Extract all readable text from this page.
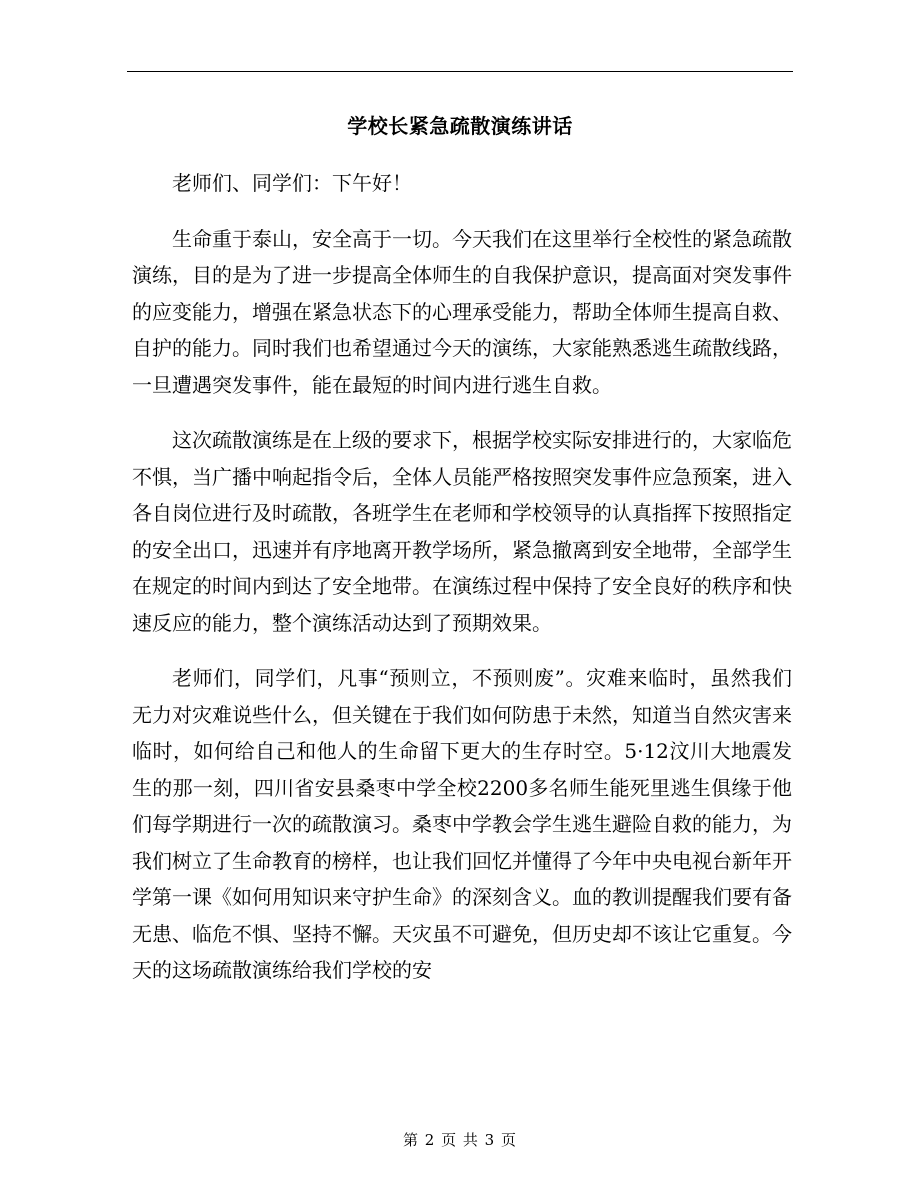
学校长紧急疏散演练讲话

老师们、同学们：下午好！

生命重于泰山，安全高于一切。今天我们在这里举行全校性的紧急疏散演练，目的是为了进一步提高全体师生的自我保护意识，提高面对突发事件的应变能力，增强在紧急状态下的心理承受能力，帮助全体师生提高自救、自护的能力。同时我们也希望通过今天的演练，大家能熟悉逃生疏散线路，一旦遭遇突发事件，能在最短的时间内进行逃生自救。

这次疏散演练是在上级的要求下，根据学校实际安排进行的，大家临危不惧，当广播中响起指令后，全体人员能严格按照突发事件应急预案，进入各自岗位进行及时疏散，各班学生在老师和学校领导的认真指挥下按照指定的安全出口，迅速并有序地离开教学场所，紧急撤离到安全地带，全部学生在规定的时间内到达了安全地带。在演练过程中保持了安全良好的秩序和快速反应的能力，整个演练活动达到了预期效果。

老师们，同学们，凡事“预则立，不预则废”。灾难来临时，虽然我们无力对灾难说些什么，但关键在于我们如何防患于未然，知道当自然灾害来临时，如何给自己和他人的生命留下更大的生存时空。5·12汶川大地震发生的那一刻，四川省安县桑枣中学全校2200多名师生能死里逃生俱缘于他们每学期进行一次的疏散演习。桑枣中学教会学生逃生避险自救的能力，为我们树立了生命教育的榜样，也让我们回忆并懂得了今年中央电视台新年开学第一课《如何用知识来守护生命》的深刻含义。血的教训提醒我们要有备无患、临危不惧、坚持不懈。天灾虽不可避免，但历史却不该让它重复。今天的这场疏散演练给我们学校的安

第 2 页 共 3 页
